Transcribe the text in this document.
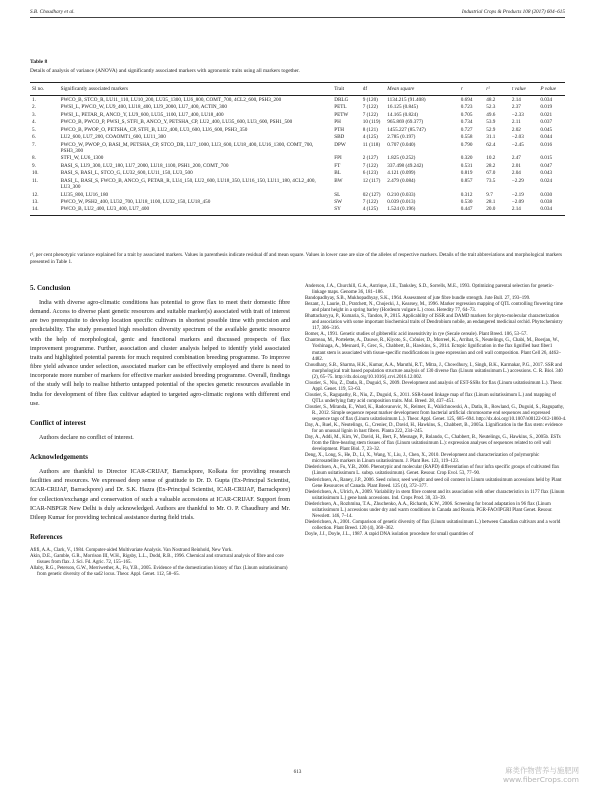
S.B. Choudhary et al.	Industrial Crops & Products 108 (2017) 604–615
Table 8
Details of analysis of variance (ANOVA) and significantly associated markers with agronomic traits using all markers together.
Sl no.	Significantly associated markers	Trait	df	Mean square	r	r²	t value	P value
1.	PWCO_B, STCO_R, LU11_110, LU10_200, LU35_1300, LU6_800, COMT_700, 4CL2_600, PSH3_200	DRLG	9 (120)	1134.215 (91.408)	0.694	48.2	2.14	0.034
2.	PWSI_L, PWCO_W, LU9_400, LU18_400, LU9_2000, LU7_400, ACTIN_300	PETL	7 (122)	16.125 (0.845)	0.723	52.3	2.37	0.019
3.	PWSI_L, PETAR_R, ANCO_Y, LU9_600, LU35_1100, LU7_400, LU18_400	PETW	7 (122)	14.165 (0.824)	0.705	49.6	−2.33	0.021
4.	PWCO_B, PWCO_P, PWSI_S, STFI_B, ANCO_Y, PETSHA_CP, LU2_400, LU35_600, LU3_600, PSH1_500	PH	10 (119)	965.869 (69.377)	0.734	53.9	2.11	0.037
5.	PWCO_B, PWOP_O, PETSHA_CP, STFI_B, LU2_400, LU3_600, LU6_600, PSH3_350	PTH	8 (121)	1455.227 (85.747)	0.727	52.9	2.02	0.045
6.	LU2_600, LU7_200, COAOMT1_600, LU11_300	SBD	4 (125)	2.785 (0.197)	0.558	31.1	−2.03	0.044
7.	PWCO_W, PWOP_O, BASI_M, PETSHA_CP, STCO_DR, LU7_1000, LU3_600, LU18_400, LU16_1300, COMT_700, PSH3_300	DPW	11 (118)	0.707 (0.040)	0.790	62.4	−2.45	0.016
8.	STFI_W, LU6_1300	FPI	2 (127)	1.825 (0.252)	0.320	10.2	2.47	0.015
9.	BASI_S, LU9_300, LU2_180, LU7_2000, LU18_1100, PSH1_200, COMT_700	FT	7 (122)	337.498 (49.242)	0.531	28.2	2.01	0.047
10.	BASI_S, BASI_L, STCO_G, LU32_600, LU11_150, LU3_500	BL	6 (123)	4.121 (0.099)	0.819	67.0	2.04	0.043
11.	BASI_L, BASI_S, FWCO_B, ANCO_G, PETAR_R, LU4_150, LU2_600, LU18_350, LU16_150, LU11_180, 4CL2_400, LU3_300	BW	12 (117)	2.479 (0.084)	0.857	73.5	−2.29	0.024
12.	LU35_800, LU16_180	SL	02 (127)	0.210 (0.033)	0.312	9.7	−2.19	0.030
13.	PWCO_W, PSH2_400, LU32_700, LU18_1100, LU32_150, LU18_450	SW	7 (122)	0.039 (0.013)	0.530	28.1	−2.09	0.038
14.	PWCO_B, LU2_400, LU3_400, LU7_400	SY	4 (125)	1.524 (0.196)	0.447	20.0	2.14	0.034
r², per cent phenotypic variance explained for a trait by associated markers. Values in parenthesis indicate residual df and mean square. Values in lower case are size of the alleles of respective markers. Details of the trait abbreviations and morphological markers presented in Table 1.
5. Conclusion

India with diverse agro-climatic conditions has potential to grow flax to meet their domestic fibre demand. Access to diverse plant genetic resources and suitable marker(s) associated with trait of interest are two prerequisite to develop location specific cultivars in shortest possible time with precision and predictability. The study presented high resolution diversity spectrum of the available genetic resource with the help of morphological, genic and functional markers and discussed prospects of flax improvement programme. Further, association and cluster analysis helped to identify yield associated traits and highlighted potential parents for much required combination breeding programme. To improve fibre yield advance under selection, associated marker can be effectively employed and there is need to incorporate more number of markers for effective marker assisted breeding programme. Overall, findings of the study will help to realise hitherto untapped potential of the species genetic resources available in India for development of fibre flax cultivar adapted to targeted agro-climatic regions with different end use.

Conflict of interest

Authors declare no conflict of interest.

Acknowledgements

Authors are thankful to Director ICAR-CRIJAF, Barrackpore, Kolkata for providing research facilities and resources. We expressed deep sense of gratitude to Dr. D. Gupta (Ex-Principal Scientist, ICAR-CRIJAF, Barrackpore) and Dr. S.K. Hazra (Ex-Principal Scientist, ICAR-CRIJAF, Barrackpore) for collection/exchange and conservation of such a valuable accessions at ICAR-CRIJAF. Support from ICAR-NBPGR New Delhi is duly acknowledged. Authors are thankful to Mr. O. P. Chaudhury and Mr. Dileep Kumar for providing technical assistance during field trials.

References

Afifi, A.A., Clark, V., 1984. Computer-aided Multivariate Analysis. Van Nostrand Reinhold, New York.

Akin, D.E., Gamble, G.R., Morrison III, W.H., Rigsby, L.L., Dodd, R.B., 1996. Chemical and structural analysis of fibre and core tissues from flax. J. Sci. Fd. Agric. 72, 155–165.

Allaby, R.G., Peterson, G.W., Merriwether, A., Fu, Y.B., 2005. Evidence of the domestication history of flax (Linum usitatissimum) from genetic diversity of the sad2 locus. Theor. Appl. Genet. 112, 58–65.

Anderson, J.A., Churchill, G.A., Autrique, J.E., Tanksley, S.D., Sorrells, M.E., 1993. Optimizing parental selection for genetic-linkage maps. Genome 36, 181–186.

Bandopadhyay, S.B., Mukhopadhyay, S.K., 1964. Assessment of jute fibre bundle strength. Jute Bull. 27, 193–199.

Bezant, J., Laurie, D., Pratchett, N., Chojecki, J., Kearsey, M., 1996. Marker regression mapping of QTL controlling flowering time and plant height in a spring barley (Hordeum vulgare L.) cross. Heredity 77, 64–73.

Bhattacharyya, P., Kumaria, S., Tandon, P., 2015. Applicability of ISSR and DAMD markers for phyto-molecular characterization and association with some important biochemical traits of Dendrobium nobile, an endangered medicinal orchid. Phytochemistry 117, 306–316.

Bomer, A., 1991. Genetic studies of gibberellic acid insensitivity in rye (Secale cereale). Plant Breed. 106, 53–57.

Chantreau, M., Portelette, A., Dauwe, R., Kiyoto, S., Crônier, D., Morreel, K., Arribat, S., Neutelings, G., Chabi, M., Boerjan, W., Yoshinaga, A., Mesnard, F., Grec, S., Chabbert, B., Hawkins, S., 2014. Ectopic lignification in the flax lignified bast fiber1 mutant stem is associated with tissue-specific modifications in gene expression and cell wall composition. Plant Cell 26, 4462–4482.

Choudhary, S.B., Sharma, H.K., Kumar, A.A., Maruthi, R.T., Mitra, J., Chowdhury, I., Singh, B.K., Karmakar, P.G., 2017. SSR and morphological trait based population structure analysis of 130 diverse flax (Linum usitatissimum L.) accessions. C. R. Biol. 340 (2), 65–75. http://dx.doi.org/10.1016/j.crvi.2016.12.002.

Cloutier, S., Niu, Z., Datla, R., Duguid, S., 2009. Development and analysis of EST-SSRs for flax (Linum usitatissimum L.). Theor. Appl. Genet. 119, 53–63.

Cloutier, S., Ragupathy, R., Niu, Z., Duguid, S., 2011. SSR-based linkage map of flax (Linum usitatissimum L.) and mapping of QTLs underlying fatty acid composition traits. Mol. Breed. 28, 437–451.

Cloutier, S., Miranda, E., Ward, K., Radovanovic, N., Reimer, E., Walichnowski, A., Datla, R., Rowland, G., Duguid, S., Ragupathy, R., 2012. Simple sequence repeat marker development from bacterial artificial chromosome end sequences and expressed sequence tags of flax (Linum usitatissimum L.). Theor. Appl. Genet. 125, 685–694. http://dx.doi.org/10.1007/s00122-012-1860-4.

Day, A., Ruel, K., Neutelings, G., Crenier, D., David, H., Hawkins, S., Chabbert, B., 2005a. Lignification in the flax stem: evidence for an unusual lignin in bast fibers. Planta 222, 234–245.

Day, A., Addi, M., Kim, W., David, H., Bert, F., Mesnage, P., Rolando, C., Chabbert, B., Neutelings, G., Hawkins, S., 2005b. ESTs from the fibre-bearing stem tissues of flax (Linum usitatissimum L.): expression analyses of sequences related to cell wall development. Plant Biol. 7, 23–32.

Deng, X., Long, S., He, D., Li, X., Wang, Y., Liu, J., Chen, X., 2010. Development and characterization of polymorphic microsatellite markers in Linum usitatissimum. J. Plant Res. 123, 119–123.

Diederichsen, A., Fu, Y.B., 2006. Phenotypic and molecular (RAPD) differentiation of four infra specific groups of cultivated flax (Linum usitatissimum L. subsp. usitatissimum). Genet. Resour. Crop Evol. 53, 77–90.

Diederichsen, A., Raney, J.P., 2006. Seed colour, seed weight and seed oil content in Linum usitatissimum accessions held by Plant Gene Resources of Canada. Plant Breed. 125 (4), 372–377.

Diederichsen, A., Ulrich, A., 2009. Variability in stem fibre content and its association with other characteristics in 1177 flax (Linum usitatissimum L.) gene bank accessions. Ind. Crops Prod. 30, 33–39.

Diederichsen, A., Rozhmina, T.A., Zhuchenko, A.A., Richards, K.W., 2006. Screening for broad adaptation in 96 flax (Linum usitatissimum L.) accessions under dry and warm conditions in Canada and Russia. PGR-FAO/IPGRI Plant Genet. Resour. Newslett. 146, 7–14.

Diederichsen, A., 2001. Comparison of genetic diversity of flax (Linum usitatissimum L.) between Canadian cultivars and a world collection. Plant Breed. 120 (4), 360–362.

Doyle, J.J., Doyle, J.L., 1987. A rapid DNA isolation procedure for small quantities of

613	麻类作物营养与施肥网
www.fiberCrops.com
